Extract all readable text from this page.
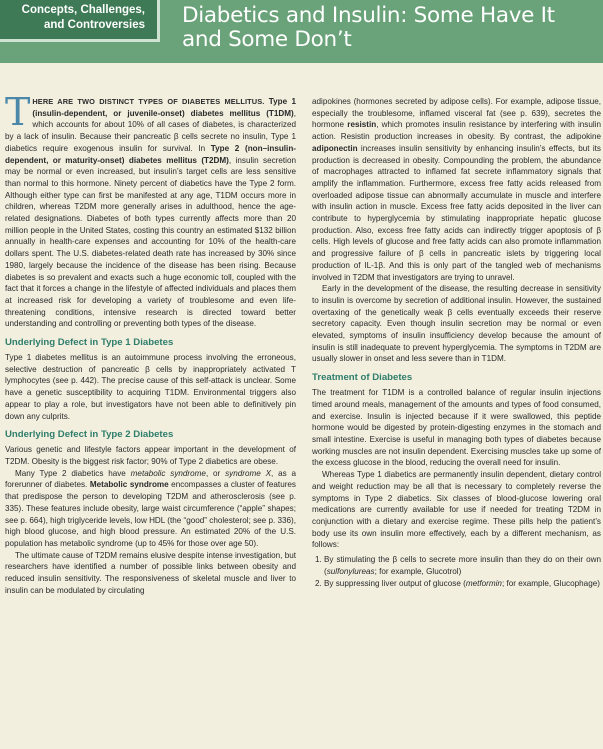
Concepts, Challenges,
and Controversies Diabetics and Insulin: Some Have It and Some Don’t

THERE ARE TWO DISTINCT TYPES OF DIABETES MELLITUS. Type 1 (insulin-dependent, or juvenile-onset) diabetes mellitus (T1DM), which accounts for about 10% of all cases of diabetes, is characterized by a lack of insulin. Because their pancreatic β cells secrete no insulin, Type 1 diabetics require exogenous insulin for survival. In Type 2 (non–insulin-dependent, or maturity-onset) diabetes mellitus (T2DM), insulin secretion may be normal or even increased, but insulin’s target cells are less sensitive than normal to this hormone. Ninety percent of diabetics have the Type 2 form. Although either type can first be manifested at any age, T1DM occurs more in children, whereas T2DM more generally arises in adulthood, hence the age-related designations. Diabetes of both types currently affects more than 20 million people in the United States, costing this country an estimated $132 billion annually in health-care expenses and accounting for 10% of the health-care dollars spent. The U.S. diabetes-related death rate has increased by 30% since 1980, largely because the incidence of the disease has been rising. Because diabetes is so prevalent and exacts such a huge economic toll, coupled with the fact that it forces a change in the lifestyle of affected individuals and places them at increased risk for developing a variety of troublesome and even life-threatening conditions, intensive research is directed toward better understanding and controlling or preventing both types of the disease.

Underlying Defect in Type 1 Diabetes

Type 1 diabetes mellitus is an autoimmune process involving the erroneous, selective destruction of pancreatic β cells by inappropriately activated T lymphocytes (see p. 442). The precise cause of this self-attack is unclear. Some have a genetic susceptibility to acquiring T1DM. Environmental triggers also appear to play a role, but investigators have not been able to definitively pin down any culprits.

Underlying Defect in Type 2 Diabetes

Various genetic and lifestyle factors appear important in the development of T2DM. Obesity is the biggest risk factor; 90% of Type 2 diabetics are obese.

Many Type 2 diabetics have metabolic syndrome, or syndrome X, as a forerunner of diabetes. Metabolic syndrome encompasses a cluster of features that predispose the person to developing T2DM and atherosclerosis (see p. 335). These features include obesity, large waist circumference (“apple” shapes; see p. 664), high triglyceride levels, low HDL (the “good” cholesterol; see p. 336), high blood glucose, and high blood pressure. An estimated 20% of the U.S. population has metabolic syndrome (up to 45% for those over age 50).

The ultimate cause of T2DM remains elusive despite intense investigation, but researchers have identified a number of possible links between obesity and reduced insulin sensitivity. The responsiveness of skeletal muscle and liver to insulin can be modulated by circulating

adipokines (hormones secreted by adipose cells). For example, adipose tissue, especially the troublesome, inflamed visceral fat (see p. 639), secretes the hormone resistin, which promotes insulin resistance by interfering with insulin action. Resistin production increases in obesity. By contrast, the adipokine adiponectin increases insulin sensitivity by enhancing insulin’s effects, but its production is decreased in obesity. Compounding the problem, the abundance of macrophages attracted to inflamed fat secrete inflammatory signals that amplify the inflammation. Furthermore, excess free fatty acids released from overloaded adipose tissue can abnormally accumulate in muscle and interfere with insulin action in muscle. Excess free fatty acids deposited in the liver can contribute to hyperglycemia by stimulating inappropriate hepatic glucose production. Also, excess free fatty acids can indirectly trigger apoptosis of β cells. High levels of glucose and free fatty acids can also promote inflammation and progressive failure of β cells in pancreatic islets by triggering local production of IL-1β. And this is only part of the tangled web of mechanisms involved in T2DM that investigators are trying to unravel.

Early in the development of the disease, the resulting decrease in sensitivity to insulin is overcome by secretion of additional insulin. However, the sustained overtaxing of the genetically weak β cells eventually exceeds their reserve secretory capacity. Even though insulin secretion may be normal or even elevated, symptoms of insulin insufficiency develop because the amount of insulin is still inadequate to prevent hyperglycemia. The symptoms in T2DM are usually slower in onset and less severe than in T1DM.

Treatment of Diabetes

The treatment for T1DM is a controlled balance of regular insulin injections timed around meals, management of the amounts and types of food consumed, and exercise. Insulin is injected because if it were swallowed, this peptide hormone would be digested by protein-digesting enzymes in the stomach and small intestine. Exercise is useful in managing both types of diabetes because working muscles are not insulin dependent. Exercising muscles take up some of the excess glucose in the blood, reducing the overall need for insulin.

Whereas Type 1 diabetics are permanently insulin dependent, dietary control and weight reduction may be all that is necessary to completely reverse the symptoms in Type 2 diabetics. Six classes of blood-glucose lowering oral medications are currently available for use if needed for treating T2DM in conjunction with a dietary and exercise regime. These pills help the patient’s body use its own insulin more effectively, each by a different mechanism, as follows:

1. By stimulating the β cells to secrete more insulin than they do on their own (sulfonylureas; for example, Glucotrol)
2. By suppressing liver output of glucose (metformin; for example, Glucophage)
